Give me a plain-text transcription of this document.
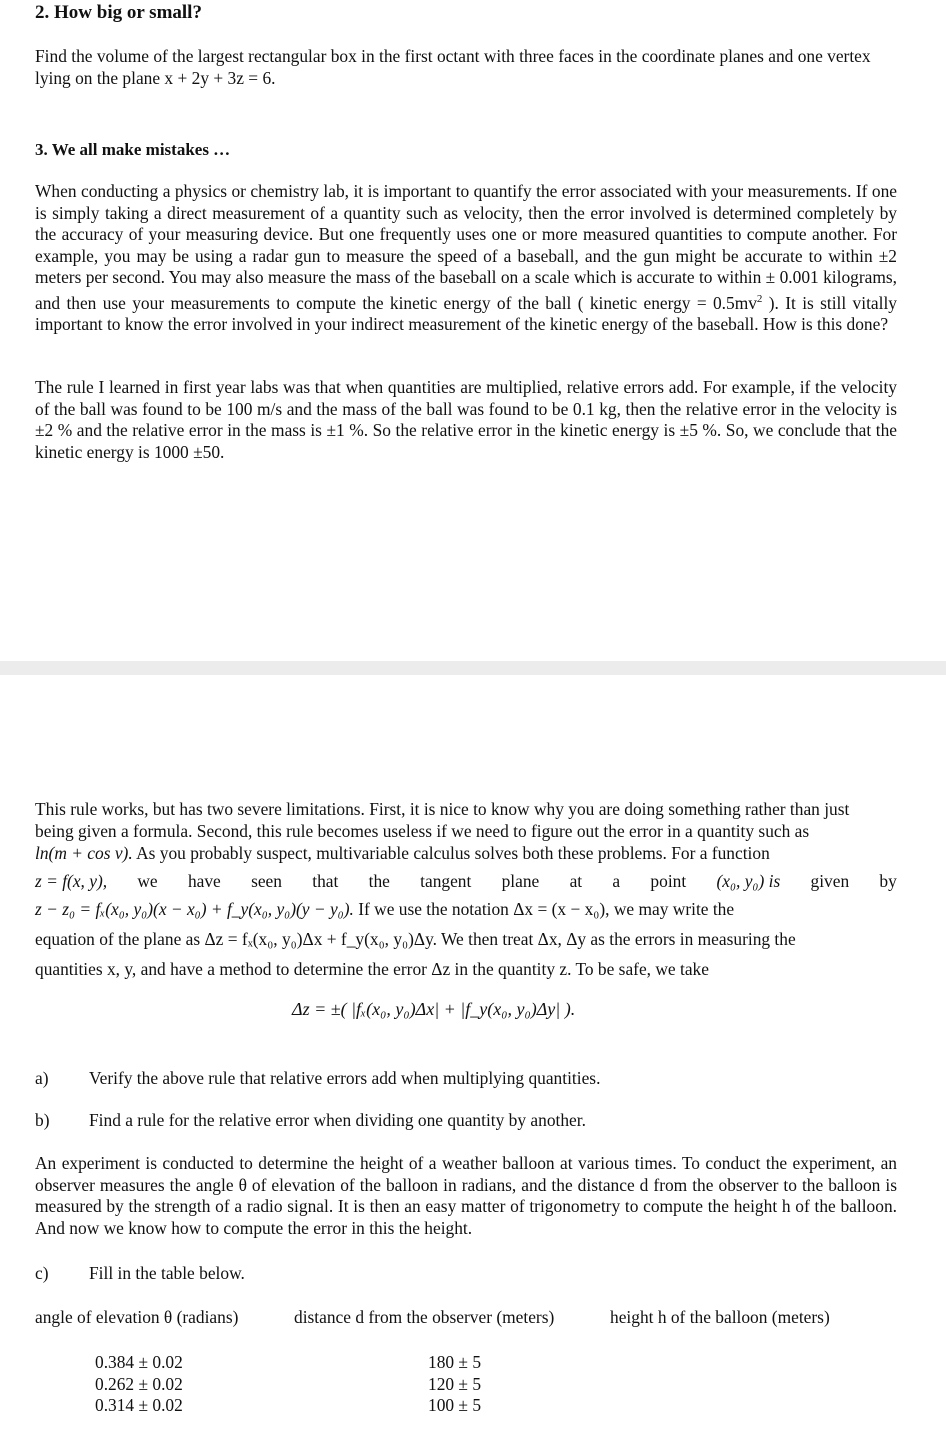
2. How big or small?

Find the volume of the largest rectangular box in the first octant with three faces in the coordinate planes and one vertex lying on the plane x + 2y + 3z = 6.

3. We all make mistakes …

When conducting a physics or chemistry lab, it is important to quantify the error associated with your measurements. If one is simply taking a direct measurement of a quantity such as velocity, then the error involved is determined completely by the accuracy of your measuring device. But one frequently uses one or more measured quantities to compute another. For example, you may be using a radar gun to measure the speed of a baseball, and the gun might be accurate to within ±2 meters per second. You may also measure the mass of the baseball on a scale which is accurate to within ± 0.001 kilograms, and then use your measurements to compute the kinetic energy of the ball ( kinetic energy = $0.5mv^2$ ). It is still vitally important to know the error involved in your indirect measurement of the kinetic energy of the baseball. How is this done?

The rule I learned in first year labs was that when quantities are multiplied, relative errors add. For example, if the velocity of the ball was found to be 100 m/s and the mass of the ball was found to be 0.1 kg, then the relative error in the velocity is ±2 % and the relative error in the mass is ±1 %. So the relative error in the kinetic energy is ±5 %. So, we conclude that the kinetic energy is 1000 ±50.

This rule works, but has two severe limitations. First, it is nice to know why you are doing something rather than just
being given a formula. Second, this rule becomes useless if we need to figure out the error in a quantity such as
ln(m + cos v). As you probably suspect, multivariable calculus solves both these problems. For a function
z = f(x, y), we have seen that the tangent plane at a point (x₀, y₀) is given by
z − z₀ = fₓ(x₀, y₀)(x − x₀) + f_y(x₀, y₀)(y − y₀). If we use the notation Δx = (x − x₀), we may write the
equation of the plane as Δz = fₓ(x₀, y₀)Δx + f_y(x₀, y₀)Δy. We then treat Δx, Δy as the errors in measuring the
quantities x, y, and have a method to determine the error Δz in the quantity z. To be safe, we take
Δz = ±( |fₓ(x₀, y₀)Δx| + |f_y(x₀, y₀)Δy| ).
a) Verify the above rule that relative errors add when multiplying quantities.
b) Find a rule for the relative error when dividing one quantity by another.

An experiment is conducted to determine the height of a weather balloon at various times. To conduct the experiment, an observer measures the angle θ of elevation of the balloon in radians, and the distance d from the observer to the balloon is measured by the strength of a radio signal. It is then an easy matter of trigonometry to compute the height h of the balloon. And now we know how to compute the error in this the height.

c) Fill in the table below.
angle of elevation θ (radians)	distance d from the observer (meters)	height h of the balloon (meters)
0.384 ± 0.02
0.262 ± 0.02
0.314 ± 0.02
180 ± 5
120 ± 5
100 ± 5
